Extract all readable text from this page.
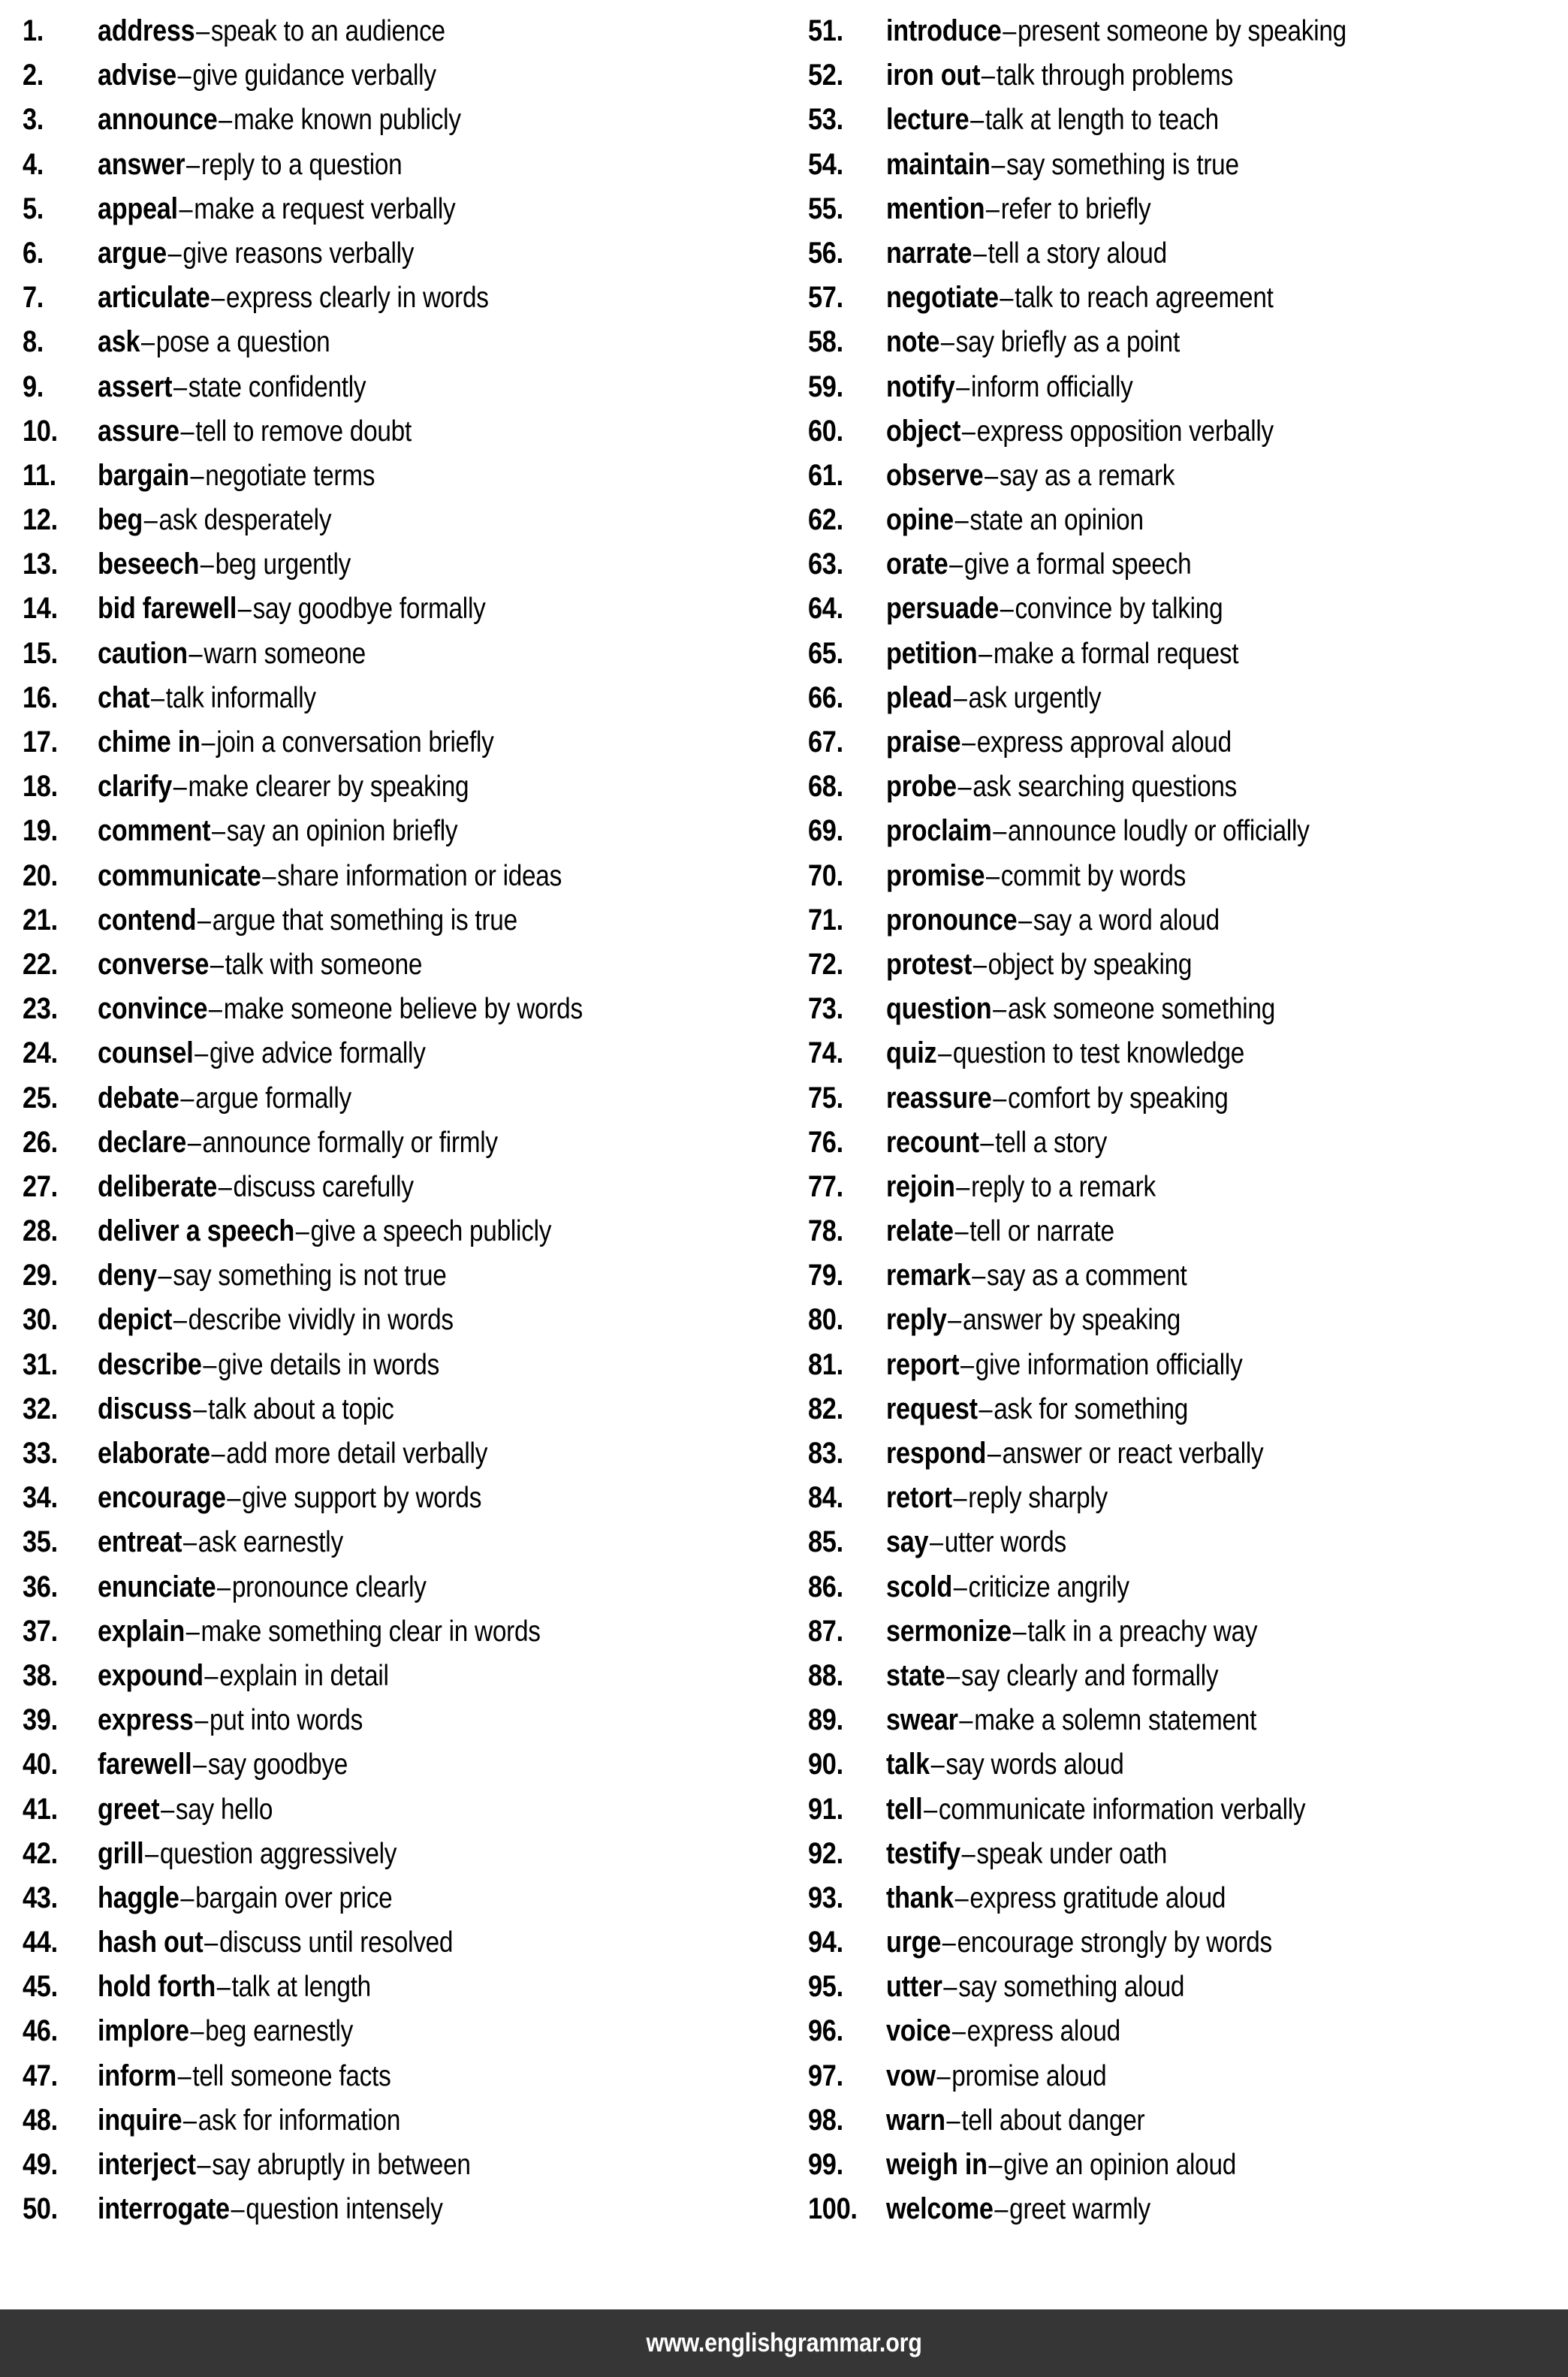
1.	address – speak to an audience
2.	advise – give guidance verbally
3.	announce – make known publicly
4.	answer – reply to a question
5.	appeal – make a request verbally
6.	argue – give reasons verbally
7.	articulate – express clearly in words
8.	ask – pose a question
9.	assert – state confidently
10.	assure – tell to remove doubt
11.	bargain – negotiate terms
12.	beg – ask desperately
13.	beseech – beg urgently
14.	bid farewell – say goodbye formally
15.	caution – warn someone
16.	chat – talk informally
17.	chime in – join a conversation briefly
18.	clarify – make clearer by speaking
19.	comment – say an opinion briefly
20.	communicate – share information or ideas
21.	contend – argue that something is true
22.	converse – talk with someone
23.	convince – make someone believe by words
24.	counsel – give advice formally
25.	debate – argue formally
26.	declare – announce formally or firmly
27.	deliberate – discuss carefully
28.	deliver a speech – give a speech publicly
29.	deny – say something is not true
30.	depict – describe vividly in words
31.	describe – give details in words
32.	discuss – talk about a topic
33.	elaborate – add more detail verbally
34.	encourage – give support by words
35.	entreat – ask earnestly
36.	enunciate – pronounce clearly
37.	explain – make something clear in words
38.	expound – explain in detail
39.	express – put into words
40.	farewell – say goodbye
41.	greet – say hello
42.	grill – question aggressively
43.	haggle – bargain over price
44.	hash out – discuss until resolved
45.	hold forth – talk at length
46.	implore – beg earnestly
47.	inform – tell someone facts
48.	inquire – ask for information
49.	interject – say abruptly in between
50.	interrogate – question intensely
51.	introduce – present someone by speaking
52.	iron out – talk through problems
53.	lecture – talk at length to teach
54.	maintain – say something is true
55.	mention – refer to briefly
56.	narrate – tell a story aloud
57.	negotiate – talk to reach agreement
58.	note – say briefly as a point
59.	notify – inform officially
60.	object – express opposition verbally
61.	observe – say as a remark
62.	opine – state an opinion
63.	orate – give a formal speech
64.	persuade – convince by talking
65.	petition – make a formal request
66.	plead – ask urgently
67.	praise – express approval aloud
68.	probe – ask searching questions
69.	proclaim – announce loudly or officially
70.	promise – commit by words
71.	pronounce – say a word aloud
72.	protest – object by speaking
73.	question – ask someone something
74.	quiz – question to test knowledge
75.	reassure – comfort by speaking
76.	recount – tell a story
77.	rejoin – reply to a remark
78.	relate – tell or narrate
79.	remark – say as a comment
80.	reply – answer by speaking
81.	report – give information officially
82.	request – ask for something
83.	respond – answer or react verbally
84.	retort – reply sharply
85.	say – utter words
86.	scold – criticize angrily
87.	sermonize – talk in a preachy way
88.	state – say clearly and formally
89.	swear – make a solemn statement
90.	talk – say words aloud
91.	tell – communicate information verbally
92.	testify – speak under oath
93.	thank – express gratitude aloud
94.	urge – encourage strongly by words
95.	utter – say something aloud
96.	voice – express aloud
97.	vow – promise aloud
98.	warn – tell about danger
99.	weigh in – give an opinion aloud
100. welcome – greet warmly
www.englishgrammar.org
